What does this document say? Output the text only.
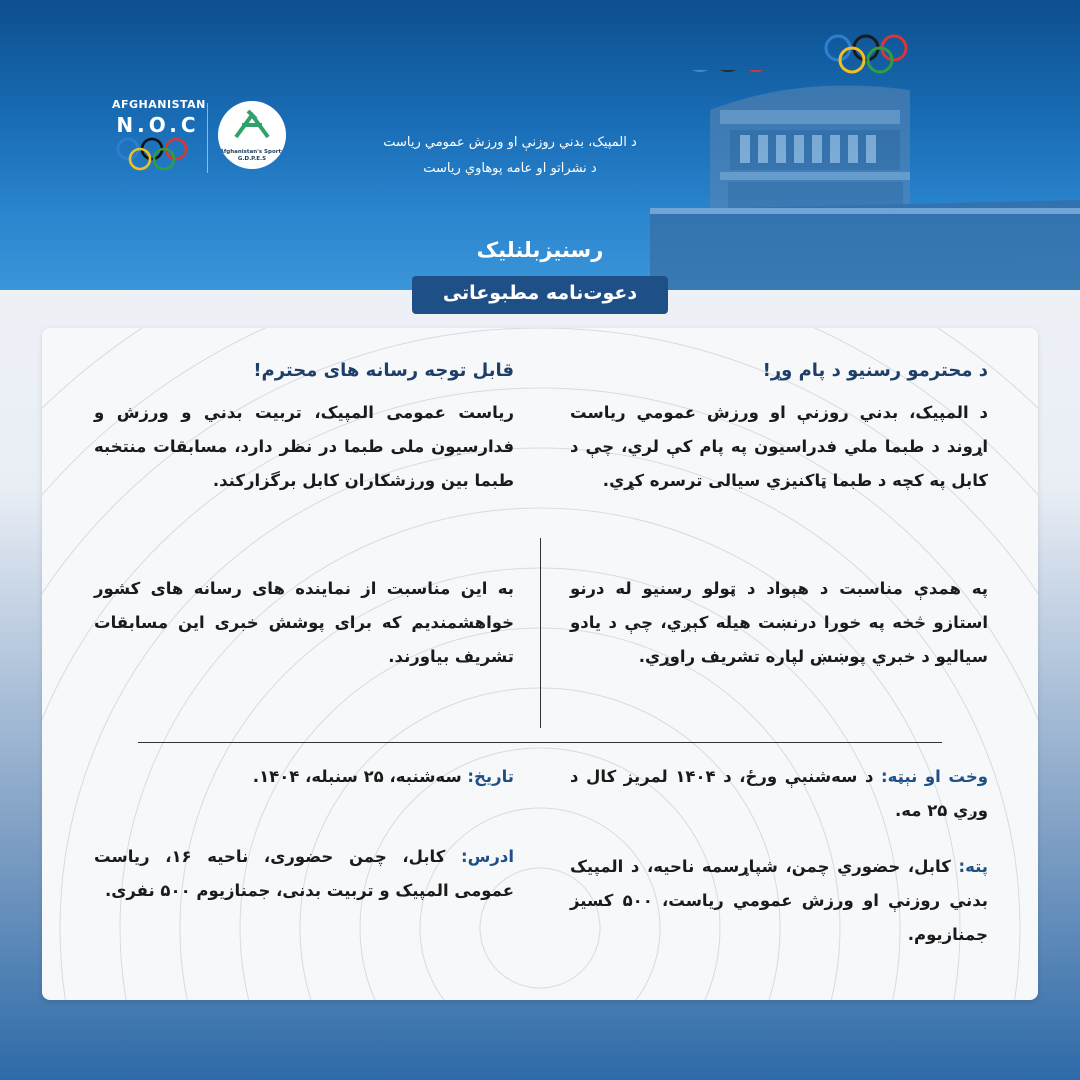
AFGHANISTAN
N.O.C
Afghanistan's Sports
G.D.P.E.S
د المپیک، بدني روزنې او ورزش عمومي رياست
د نشراتو او عامه پوهاوي رياست
رسنیزبلنلیک
دعوت‌نامه مطبوعاتی
د محترمو رسنیو د پام وړ!
د المپیک، بدني روزنې او ورزش عمومي رياست اړوند د طبما ملي فدراسيون په پام کې لري، چې د کابل په کچه د طبما ټاکنيزي سیالی ترسره کړي.
په همدې مناسبت د هېواد د ټولو رسنیو له درنو استازو څخه په خورا درنښت هیله کېږي، چې د يادو سیاليو د خبري پوښښ لپاره تشريف راوړي.
قابل توجه رسانه های محترم!
ریاست عمومی المپیک، تربیت بدني و ورزش و فدارسیون ملی طبما در نظر دارد، مسابقات منتخبه طبما بین ورزشکاران کابل برگزارکند.
به این مناسبت از نماینده های رسانه های کشور خواهشمندیم که برای پوشش خبری این مسابقات تشریف بیاورند.
وخت او نېټه: د سه‌شنبې ورځ، د ۱۴۰۴ لمريز کال د وږي ۲۵ مه.
پته: کابل، حضوري چمن، شپاړسمه ناحیه، د المپیک بدني روزنې او ورزش عمومي رياست، ۵۰۰ کسيز جمنازيوم.
تاریخ: سه‌شنبه، ۲۵ سنبله، ۱۴۰۴.
ادرس: کابل، چمن حضوری، ناحیه ۱۶، ریاست عمومی المپیک و تربیت بدنی، جمنازیوم ۵۰۰ نفری.
